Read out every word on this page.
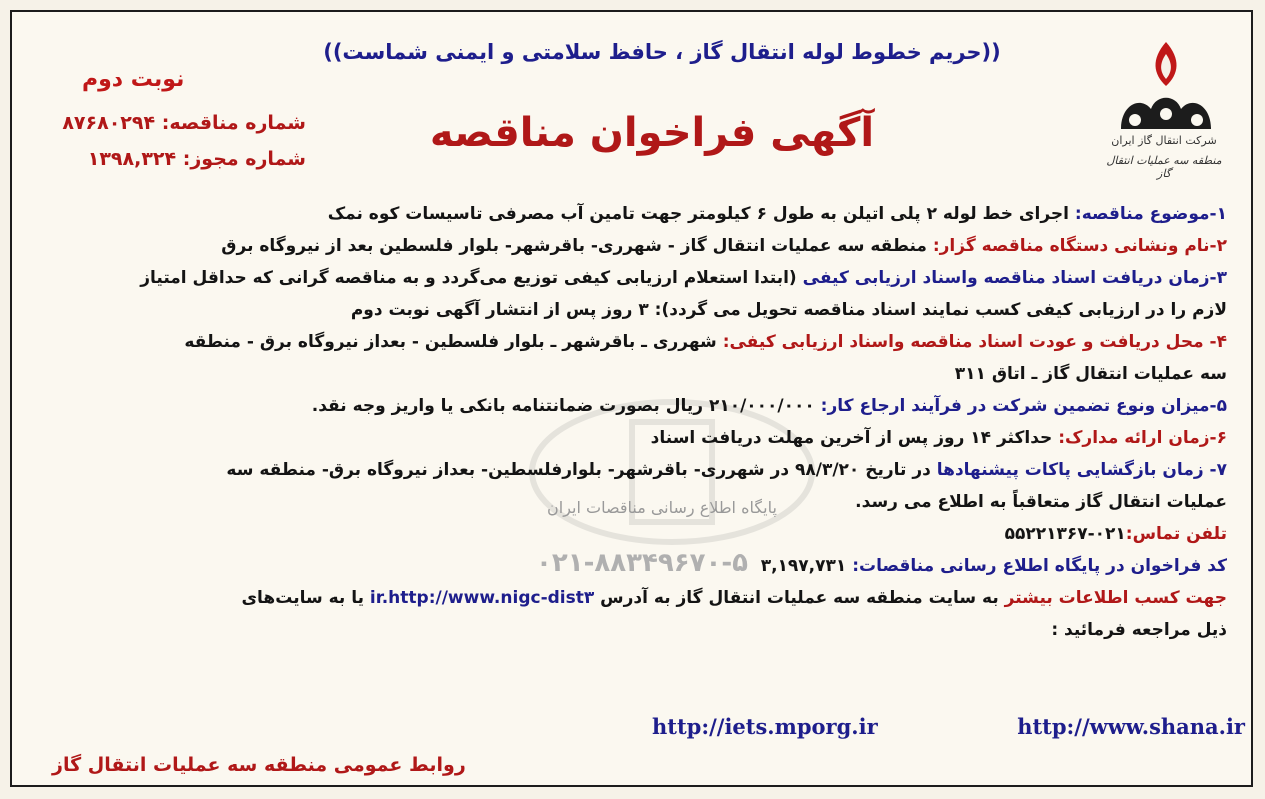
شرکت انتقال گاز ایران
منطقه سه عملیات انتقال گاز
((حریم خطوط لوله انتقال گاز ، حافظ سلامتی و ایمنی شماست))
آگهی فراخوان مناقصه
نوبت دوم
شماره مناقصه: ۸۷۶۸۰۲۹۴
شماره مجوز: ۱۳۹۸,۳۲۴
پایگاه اطلاع رسانی مناقصات ایران
۰۲۱-۸۸۳۴۹۶۷۰-۵
۱-موضوع مناقصه: اجرای خط لوله ۲ پلی اتیلن به طول ۶ کیلومتر جهت تامین آب مصرفی تاسیسات کوه نمک
۲-نام ونشانی دستگاه مناقصه گزار: منطقه سه عملیات انتقال گاز - شهرری- باقرشهر- بلوار فلسطین بعد از نیروگاه برق
۳-زمان دریافت اسناد مناقصه واسناد ارزیابی کیفی (ابتدا استعلام ارزیابی کیفی توزیع می‌گردد و به مناقصه گرانی که حداقل امتیاز
لازم را در ارزیابی کیفی کسب نمایند اسناد مناقصه تحویل می گردد): ۳ روز پس از انتشار آگهی نوبت دوم
۴- محل دریافت و عودت اسناد مناقصه واسناد ارزیابی کیفی: شهرری ـ باقرشهر ـ بلوار فلسطین - بعداز نیروگاه برق - منطقه
سه عملیات انتقال گاز ـ اتاق ۳۱۱
۵-میزان ونوع تضمین شرکت در فرآیند ارجاع کار: ۲۱۰/۰۰۰/۰۰۰ ریال بصورت ضمانتنامه بانکی یا واریز وجه نقد.
۶-زمان ارائه مدارک: حداکثر ۱۴ روز پس از آخرین مهلت دریافت اسناد
۷- زمان بازگشایی پاکات پیشنهادها در تاریخ ۹۸/۳/۲۰ در شهرری- باقرشهر- بلوارفلسطین- بعداز نیروگاه برق- منطقه سه
عملیات انتقال گاز متعاقباً به اطلاع می رسد.
تلفن تماس:۰۲۱-۵۵۲۲۱۳۶۷
کد فراخوان در پایگاه اطلاع رسانی مناقصات: ۳,۱۹۷,۷۳۱
جهت کسب اطلاعات بیشتر به سایت منطقه سه عملیات انتقال گاز به آدرس ir.http://www.nigc-dist۳ یا به سایت‌های
ذیل مراجعه فرمائید :
http://www.shana.ir
http://iets.mporg.ir
روابط عمومی منطقه سه عملیات انتقال گاز
